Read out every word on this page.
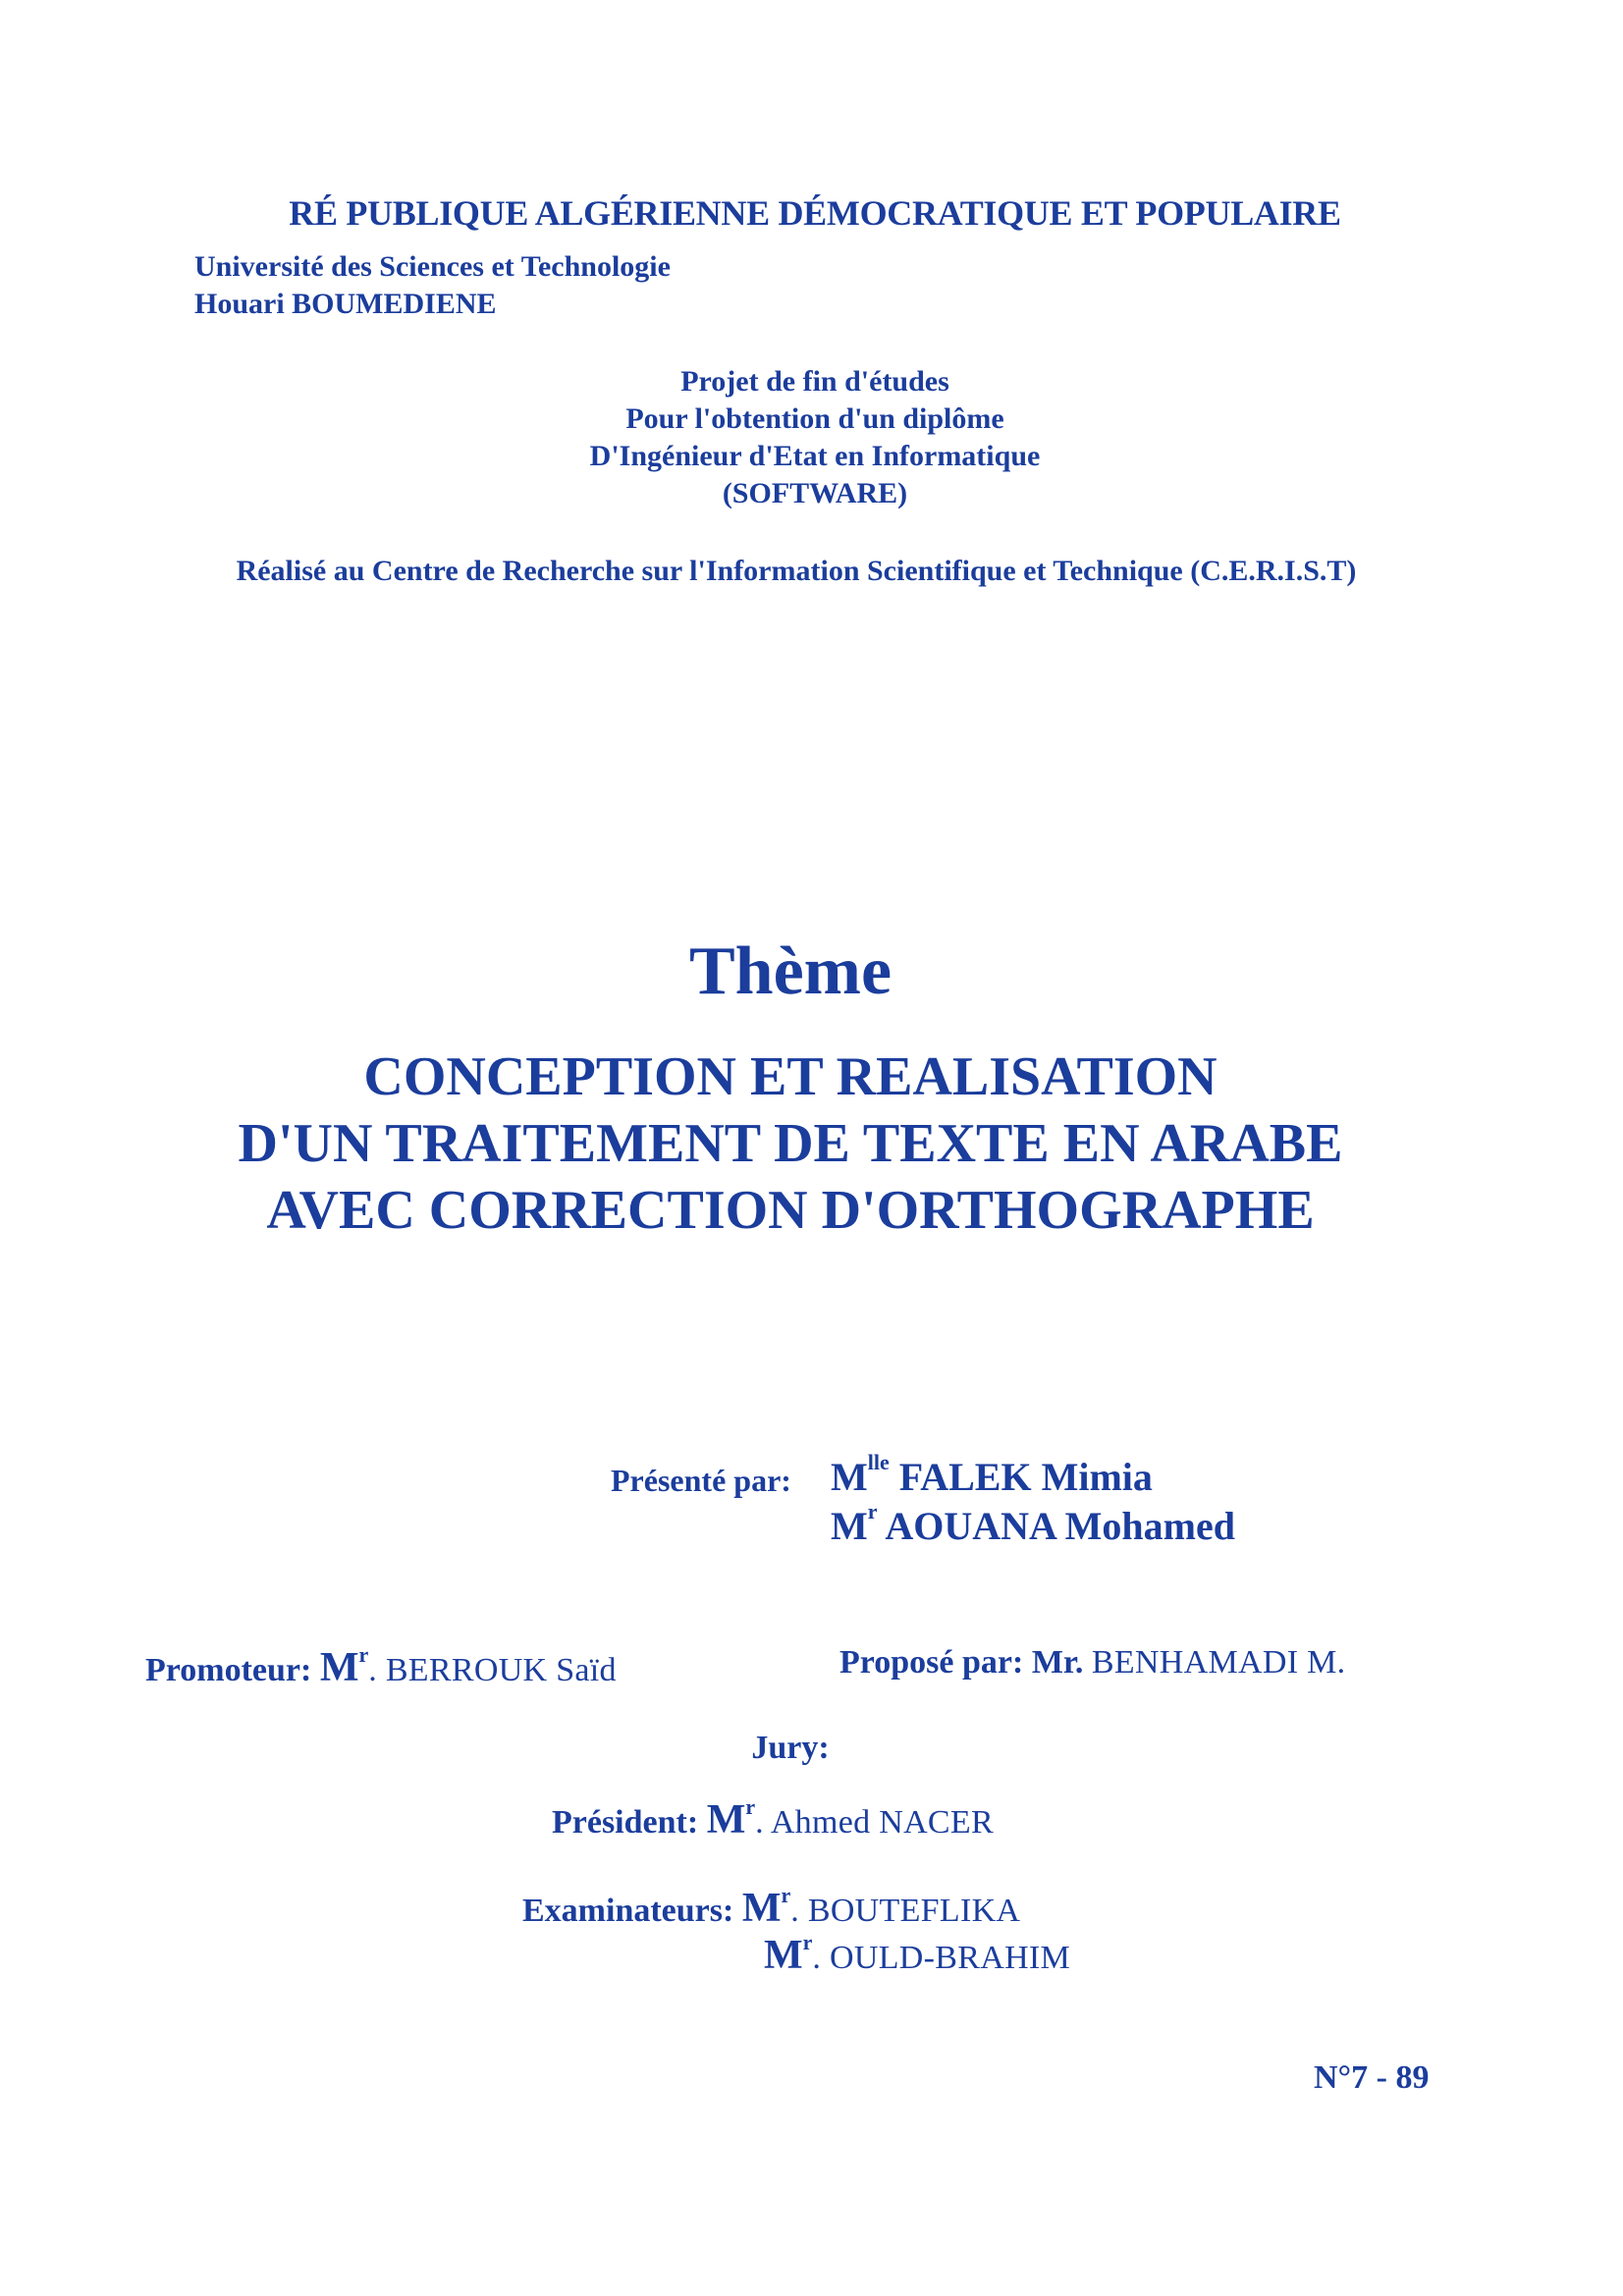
RÉ PUBLIQUE ALGÉRIENNE DÉMOCRATIQUE ET POPULAIRE
Université des Sciences et Technologie
Houari BOUMEDIENE
Projet de fin d'études
Pour l'obtention d'un diplôme
D'Ingénieur d'Etat en Informatique
(SOFTWARE)
Réalisé au Centre de Recherche sur l'Information Scientifique et Technique (C.E.R.I.S.T)
Thème
CONCEPTION ET REALISATION
D'UN TRAITEMENT DE TEXTE EN ARABE
AVEC CORRECTION D'ORTHOGRAPHE
Présenté par: $M^{lle}$ FALEK Mimia
$M^r$ AOUANA Mohamed
Promoteur: $M^r$. BERROUK Saïd	Proposé par: Mr. BENHAMADI M.
Jury:
Président: $M^r$. Ahmed NACER
Examinateurs: $M^r$. BOUTEFLIKA
$M^r$. OULD-BRAHIM
N°7 - 89
